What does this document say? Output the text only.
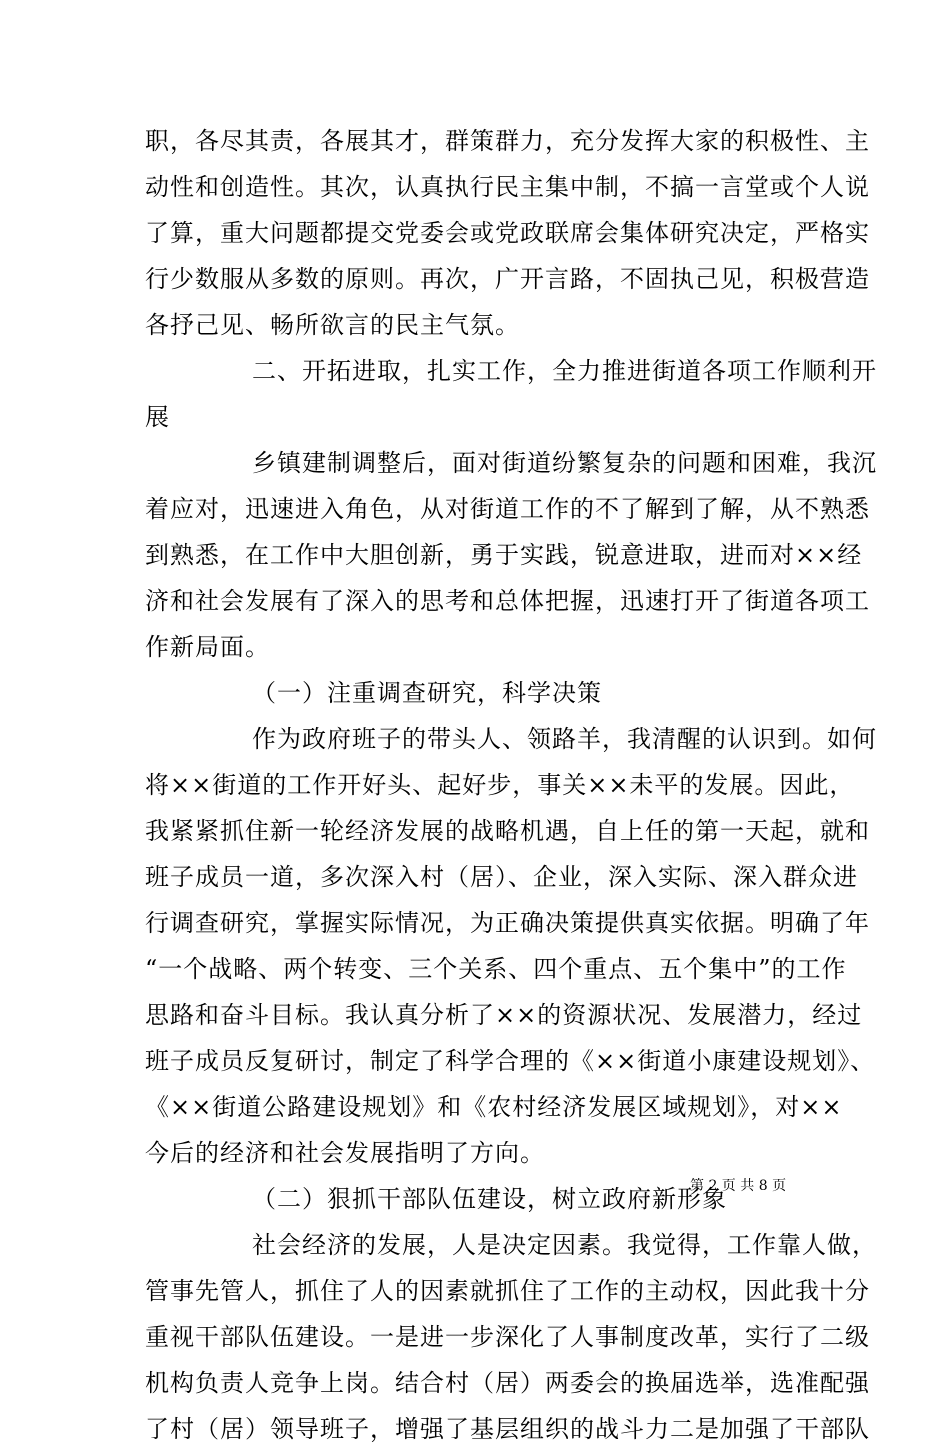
职，各尽其责，各展其才，群策群力，充分发挥大家的积极性、主
动性和创造性。其次，认真执行民主集中制，不搞一言堂或个人说
了算，重大问题都提交党委会或党政联席会集体研究决定，严格实
行少数服从多数的原则。再次，广开言路，不固执己见，积极营造
各抒己见、畅所欲言的民主气氛。
二、开拓进取，扎实工作，全力推进街道各项工作顺利开
展
乡镇建制调整后，面对街道纷繁复杂的问题和困难，我沉
着应对，迅速进入角色，从对街道工作的不了解到了解，从不熟悉
到熟悉，在工作中大胆创新，勇于实践，锐意进取，进而对××经
济和社会发展有了深入的思考和总体把握，迅速打开了街道各项工
作新局面。
（一）注重调查研究，科学决策
作为政府班子的带头人、领路羊，我清醒的认识到。如何
将××街道的工作开好头、起好步，事关××未平的发展。因此，
我紧紧抓住新一轮经济发展的战略机遇，自上任的第一天起，就和
班子成员一道，多次深入村（居）、企业，深入实际、深入群众进
行调查研究，掌握实际情况，为正确决策提供真实依据。明确了年
“一个战略、两个转变、三个关系、四个重点、五个集中”的工作
思路和奋斗目标。我认真分析了××的资源状况、发展潜力，经过
班子成员反复研讨，制定了科学合理的《××街道小康建设规划》、
《××街道公路建设规划》和《农村经济发展区域规划》，对××
今后的经济和社会发展指明了方向。
（二）狠抓干部队伍建设，树立政府新形象
社会经济的发展，人是决定因素。我觉得，工作靠人做，
管事先管人，抓住了人的因素就抓住了工作的主动权，因此我十分
重视干部队伍建设。一是进一步深化了人事制度改革，实行了二级
机构负责人竞争上岗。结合村（居）两委会的换届选举，选准配强
了村（居）领导班子，增强了基层组织的战斗力二是加强了干部队
第 2 页 共 8 页
